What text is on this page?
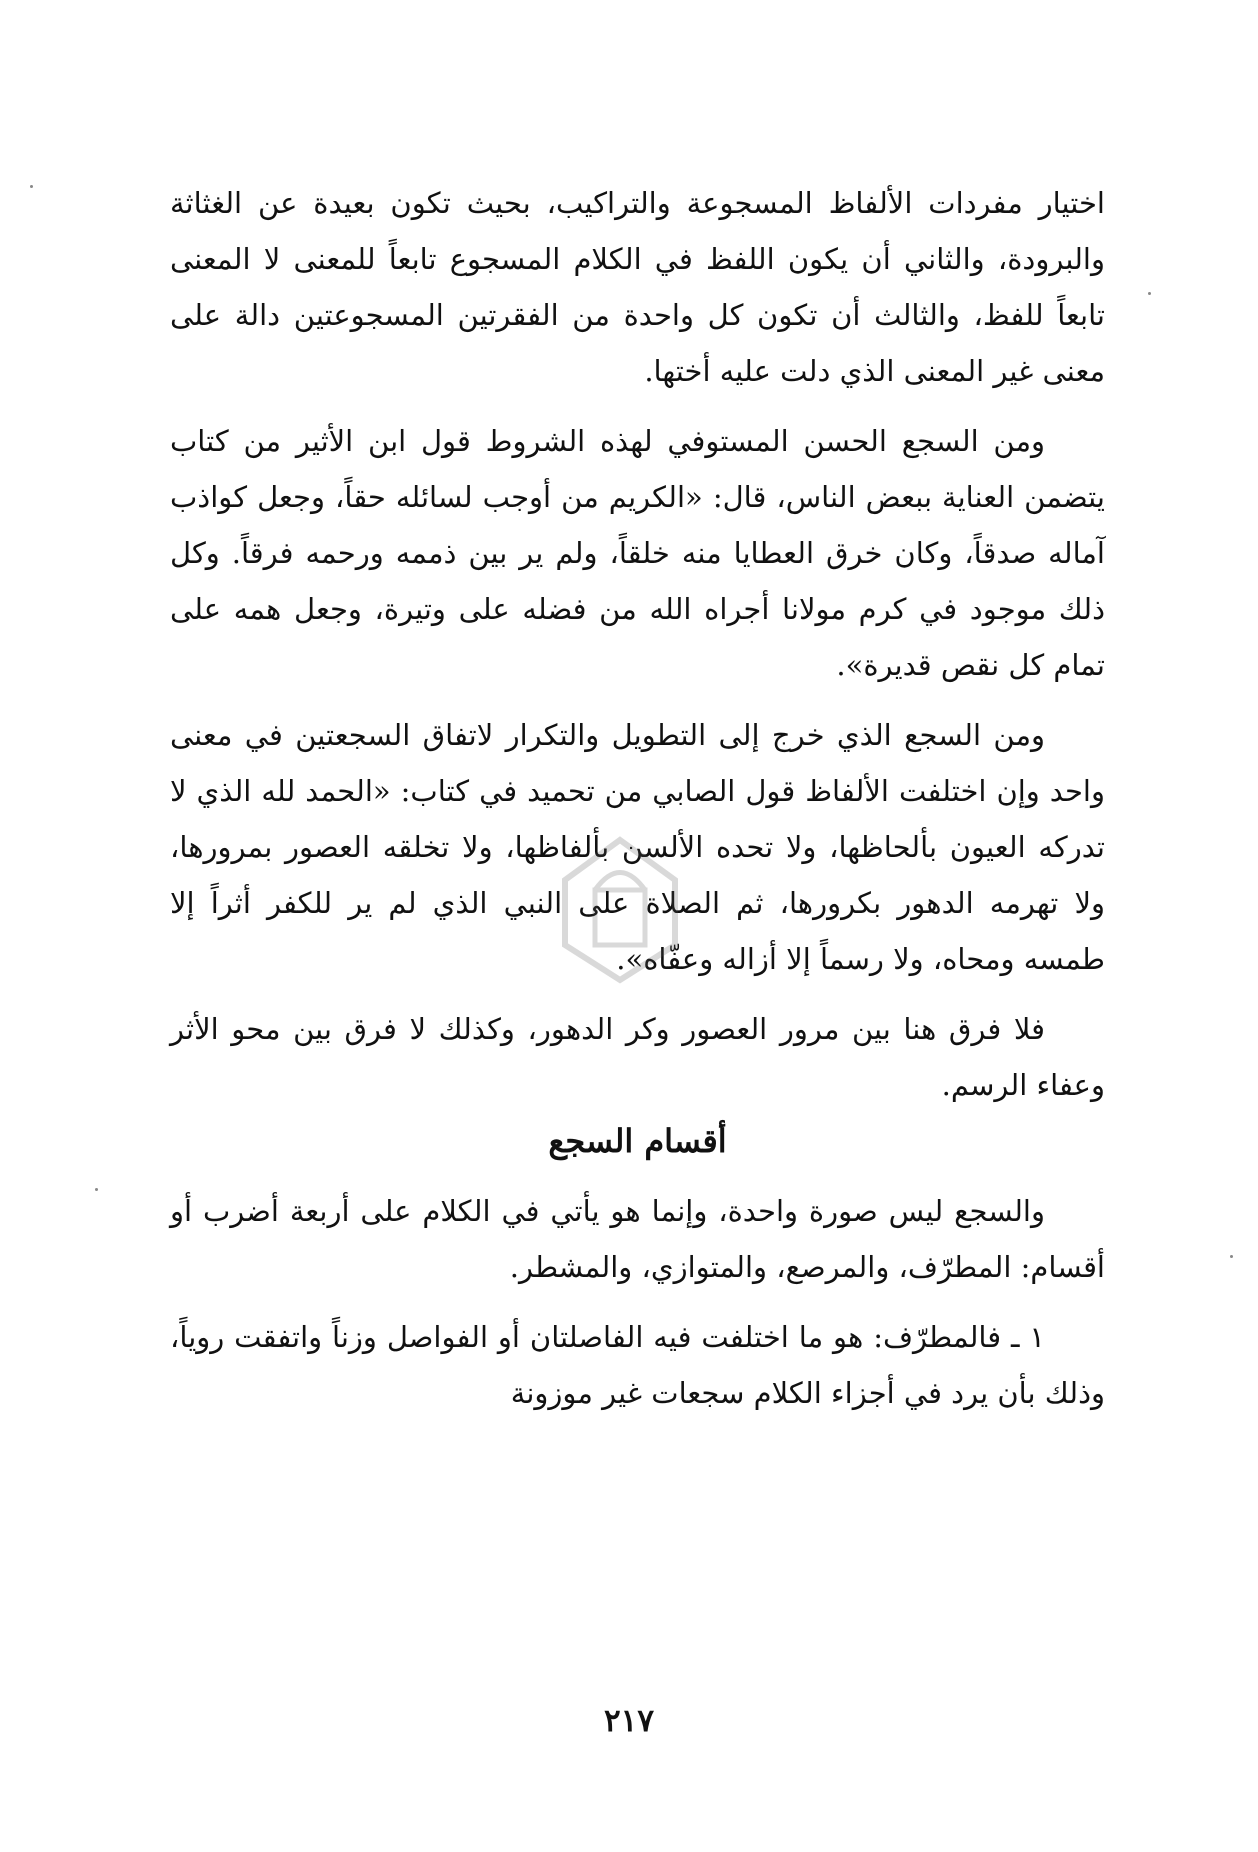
اختيار مفردات الألفاظ المسجوعة والتراكيب، بحيث تكون بعيدة عن الغثاثة والبرودة، والثاني أن يكون اللفظ في الكلام المسجوع تابعاً للمعنى لا المعنى تابعاً للفظ، والثالث أن تكون كل واحدة من الفقرتين المسجوعتين دالة على معنى غير المعنى الذي دلت عليه أختها.

ومن السجع الحسن المستوفي لهذه الشروط قول ابن الأثير من كتاب يتضمن العناية ببعض الناس، قال: «الكريم من أوجب لسائله حقاً، وجعل كواذب آماله صدقاً، وكان خرق العطايا منه خلقاً، ولم ير بين ذممه ورحمه فرقاً. وكل ذلك موجود في كرم مولانا أجراه الله من فضله على وتيرة، وجعل همه على تمام كل نقص قديرة».

ومن السجع الذي خرج إلى التطويل والتكرار لاتفاق السجعتين في معنى واحد وإن اختلفت الألفاظ قول الصابي من تحميد في كتاب: «الحمد لله الذي لا تدركه العيون بألحاظها، ولا تحده الألسن بألفاظها، ولا تخلقه العصور بمرورها، ولا تهرمه الدهور بكرورها، ثم الصلاة على النبي الذي لم ير للكفر أثراً إلا طمسه ومحاه، ولا رسماً إلا أزاله وعفّاه».

فلا فرق هنا بين مرور العصور وكر الدهور، وكذلك لا فرق بين محو الأثر وعفاء الرسم.

أقسام السجع

والسجع ليس صورة واحدة، وإنما هو يأتي في الكلام على أربعة أضرب أو أقسام: المطرّف، والمرصع، والمتوازي، والمشطر.

١ ـ فالمطرّف: هو ما اختلفت فيه الفاصلتان أو الفواصل وزناً واتفقت روياً، وذلك بأن يرد في أجزاء الكلام سجعات غير موزونة

٢١٧
